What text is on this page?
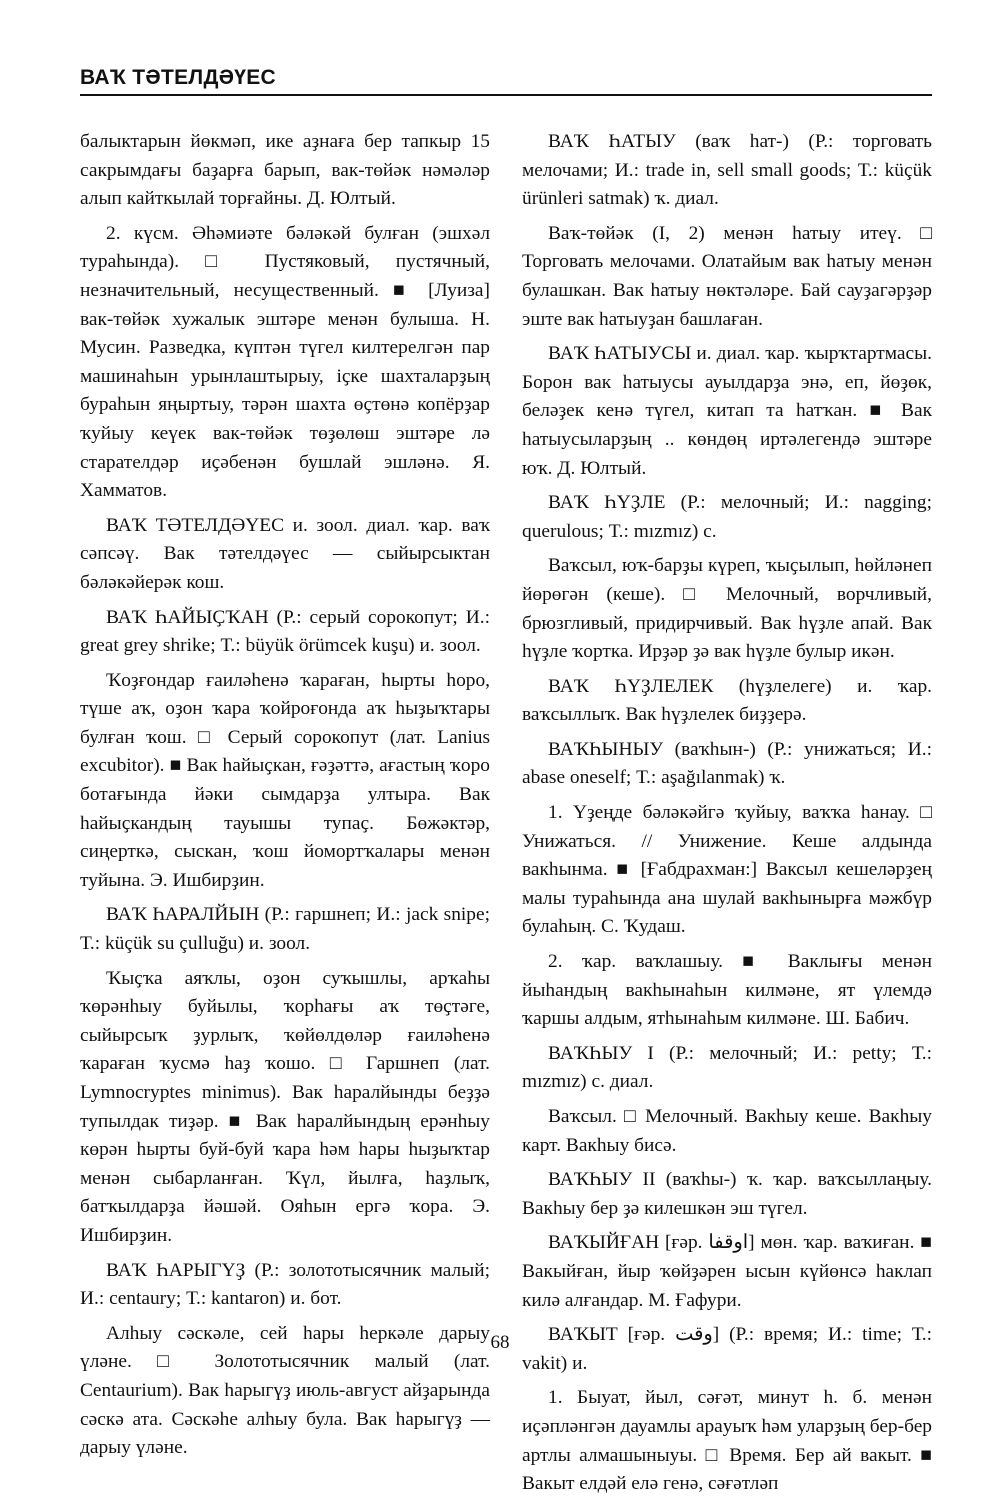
ВАҠ ТӘТЕЛДӘҮЕС

балыктарын йөкмәп, ике аҙнаға бер тапкыр 15 сакрымдағы баҙарға барып, вак-төйәк нәмәләр алып кайткылай торғайны. Д. Юлтый.

2. күсм. Әһәмиәте бәләкәй булған (эшхәл тураһында). □ Пустяковый, пустячный, незначительный, несущественный. ■ [Луиза] вак-төйәк хужалык эштәре менән булыша. Н. Мусин. Разведка, күптән түгел килтерелгән пар машинаһын урынлаштырыу, іҫке шахталарҙың бураһын яңыртыу, тәрән шахта өҫтөнә копёрҙар ҡуйыу кеүек вак-төйәк төҙөлөш эштәре лә старателдәр иҫәбенән бушлай эшләнә. Я. Хамматов.

ВАҠ ТӘТЕЛДӘҮЕС и. зоол. диал. ҡар. ваҡ сәпсәү. Вак тәтелдәүес — сыйырсыктан бәләкәйерәк кош.

ВАҠ ҺАЙЫҪҠАН (Р.: серый сорокопут; И.: great grey shrike; Т.: büyük örümcek kuşu) и. зоол.

Ҡоҙғондар ғаиләһенә ҡараған, һырты һоро, түше аҡ, оҙон ҡара ҡойроғонда аҡ һыҙыҡтары булған ҡош. □ Серый сорокопут (лат. Lanius excubitor). ■ Вак һайыҫкан, ғәҙәттә, ағастың ҡоро ботағында йәки сымдарҙа ултыра. Вак һайыҫкандың тауышы тупаҫ. Бөжәктәр, сиңерткә, сыскан, ҡош йомортҡалары менән туйына. Э. Ишбирҙин.

ВАҠ ҺАРАЛЙЫН (Р.: гаршнеп; И.: jack snipe; Т.: küçük su çulluğu) и. зоол.

Ҡыҫҡа аяҡлы, оҙон суҡышлы, арҡаһы ҡөрәнһыу буйылы, ҡорһағы аҡ төҫтәге, сыйырсыҡ ҙурлыҡ, ҡөйөлдөләр ғаиләһенә ҡараған ҡусмә һаҙ ҡошо. □ Гаршнеп (лат. Lymnocryptes minimus). Вак һаралйынды беҙҙә тупылдак тиҙәр. ■ Вак һаралйындың ерәнһыу көрән һырты буй-буй ҡара һәм һары һыҙыҡтар менән сыбарланған. Ҡүл, йылға, һаҙлыҡ, батҡылдарҙа йәшәй. Ояһын ергә ҡора. Э. Ишбирҙин.

ВАҠ ҺАРЫГҮҘ (Р.: золототысячник малый; И.: centaury; Т.: kantaron) и. бот.

Алһыу сәскәле, сей һары һеркәле дарыу үләне. □ Золототысячник малый (лат. Centaurium). Вак һарыгүҙ июль-август айҙарында сәскә ата. Сәскәһе алһыу була. Вак һарыгүҙ — дарыу үләне.

ВАҠ ҺАТЫУ (ваҡ һат-) (Р.: торговать мелочами; И.: trade in, sell small goods; Т.: küçük ürünleri satmak) ҡ. диал.

Ваҡ-төйәк (I, 2) менән һатыу итеү. □ Торговать мелочами. Олатайым вак һатыу менән булашкан. Вак һатыу нөктәләре. Бай сауҙагәрҙәр эште вак һатыуҙан башлаған.

ВАҠ ҺАТЫУСЫ и. диал. ҡар. ҡырҡтартмасы. Борон вак һатыусы ауылдарҙа энә, еп, йөҙөк, беләҙек кенә түгел, китап та һатҡан. ■ Вак һатыусыларҙың .. көндөң иртәлегендә эштәре юҡ. Д. Юлтый.

ВАҠ ҺҮҘЛЕ (Р.: мелочный; И.: nagging; querulous; Т.: mızmız) с.

Ваҡсыл, юҡ-барҙы күреп, ҡыҫылып, һөйләнеп йөрөгән (кеше). □ Мелочный, ворчливый, брюзгливый, придирчивый. Вак һүҙле апай. Вак һүҙле ҡортка. Ирҙәр ҙә вак һүҙле булыр икән.

ВАҠ ҺҮҘЛЕЛЕК (һүҙлелеге) и. ҡар. ваҡсыллыҡ. Вак һүҙлелек биҙҙерә.

ВАҠҺЫНЫУ (ваҡһын-) (Р.: унижаться; И.: abase oneself; Т.: aşağılanmak) ҡ.

1. Үҙеңде бәләкәйгә ҡуйыу, ваҡҡа һанау. □ Унижаться. // Унижение. Кеше алдында вакһынма. ■ [Ғабдрахман:] Ваксыл кешеләрҙең малы тураһында ана шулай вакһынырға мәжбүр булаһың. С. Ҡудаш.

2. ҡар. ваҡлашыу. ■ Ваклығы менән йыһандың вакһынаһын килмәне, ят үлемдә ҡаршы алдым, ятһынаһым килмәне. Ш. Бабич.

ВАҠҺЫУ I (Р.: мелочный; И.: petty; Т.: mızmız) с. диал.

Ваҡсыл. □ Мелочный. Вакһыу кеше. Вакһыу карт. Вакһыу бисә.

ВАҠҺЫУ II (ваҡһы-) ҡ. ҡар. ваҡсыллаңыу. Вакһыу бер ҙә килешкән эш түгел.

ВАҠЫЙҒАН [ғәр. اوقفا] мөн. ҡар. ваҡиған. ■ Вакыйған, йыр ҡөйҙәрен ысын күйөнсә һаклап килә алғандар. М. Ғафури.

ВАҠЫТ [ғәр. وقت] (Р.: время; И.: time; Т.: vakit) и.

1. Быуат, йыл, сәғәт, минут һ. б. менән иҫәпләнгән дауамлы араyыҡ һәм уларҙың бер-бер артлы алмашыныуы. □ Время. Бер ай вакыт. ■ Вакыт елдәй елә генә, сәғәтләп

68
